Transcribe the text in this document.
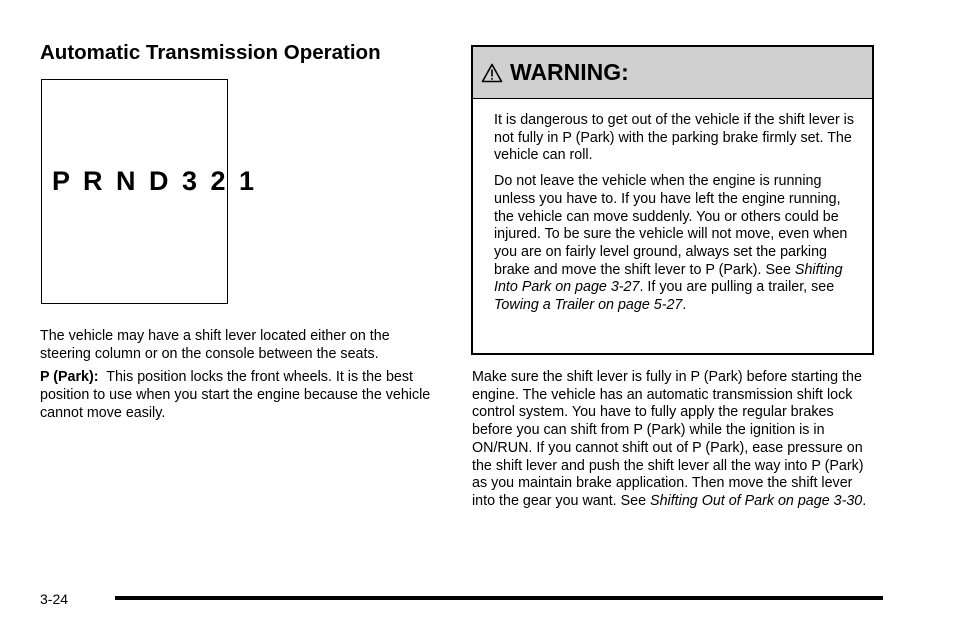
Automatic Transmission Operation
P R N D 3 2 1

The vehicle may have a shift lever located either on the steering column or on the console between the seats.

P (Park): This position locks the front wheels. It is the best position to use when you start the engine because the vehicle cannot move easily.

WARNING:

It is dangerous to get out of the vehicle if the shift lever is not fully in P (Park) with the parking brake firmly set. The vehicle can roll.

Do not leave the vehicle when the engine is running unless you have to. If you have left the engine running, the vehicle can move suddenly. You or others could be injured. To be sure the vehicle will not move, even when you are on fairly level ground, always set the parking brake and move the shift lever to P (Park). See Shifting Into Park on page 3-27. If you are pulling a trailer, see Towing a Trailer on page 5-27.

Make sure the shift lever is fully in P (Park) before starting the engine. The vehicle has an automatic transmission shift lock control system. You have to fully apply the regular brakes before you can shift from P (Park) while the ignition is in ON/RUN. If you cannot shift out of P (Park), ease pressure on the shift lever and push the shift lever all the way into P (Park) as you maintain brake application. Then move the shift lever into the gear you want. See Shifting Out of Park on page 3-30.

3-24
